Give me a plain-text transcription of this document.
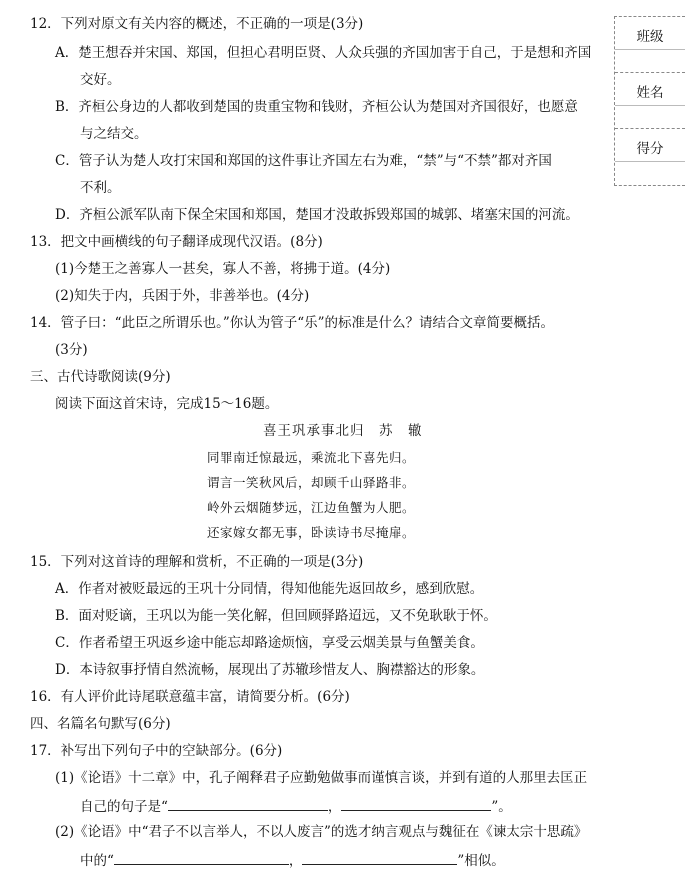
班级
姓名
得分
12．下列对原文有关内容的概述，不正确的一项是(3分)
A．楚王想吞并宋国、郑国，但担心君明臣贤、人众兵强的齐国加害于自己，于是想和齐国
交好。
B．齐桓公身边的人都收到楚国的贵重宝物和钱财，齐桓公认为楚国对齐国很好，也愿意
与之结交。
C．管子认为楚人攻打宋国和郑国的这件事让齐国左右为难，“禁”与“不禁”都对齐国
不利。
D．齐桓公派军队南下保全宋国和郑国，楚国才没敢拆毁郑国的城郭、堵塞宋国的河流。
13．把文中画横线的句子翻译成现代汉语。(8分)
(1)今楚王之善寡人一甚矣，寡人不善，将拂于道。(4分)
(2)知失于内，兵困于外，非善举也。(4分)
14．管子曰：“此臣之所谓乐也。”你认为管子“乐”的标准是什么？请结合文章简要概括。
(3分)
三、古代诗歌阅读(9分)
阅读下面这首宋诗，完成15～16题。
喜王巩承事北归　苏　辙
同罪南迁惊最远，乘流北下喜先归。
谓言一笑秋风后，却顾千山驿路非。
岭外云烟随梦远，江边鱼蟹为人肥。
还家嫁女都无事，卧读诗书尽掩扉。
15．下列对这首诗的理解和赏析，不正确的一项是(3分)
A．作者对被贬最远的王巩十分同情，得知他能先返回故乡，感到欣慰。
B．面对贬谪，王巩以为能一笑化解，但回顾驿路迢远，又不免耿耿于怀。
C．作者希望王巩返乡途中能忘却路途烦恼，享受云烟美景与鱼蟹美食。
D．本诗叙事抒情自然流畅，展现出了苏辙珍惜友人、胸襟豁达的形象。
16．有人评价此诗尾联意蕴丰富，请简要分析。(6分)
四、名篇名句默写(6分)
17．补写出下列句子中的空缺部分。(6分)
(1)《论语》十二章》中，孔子阐释君子应勤勉做事而谨慎言谈，并到有道的人那里去匡正
自己的句子是“	，	”。
(2)《论语》中“君子不以言举人，不以人废言”的选才纳言观点与魏征在《谏太宗十思疏》
中的“	，	”相似。
